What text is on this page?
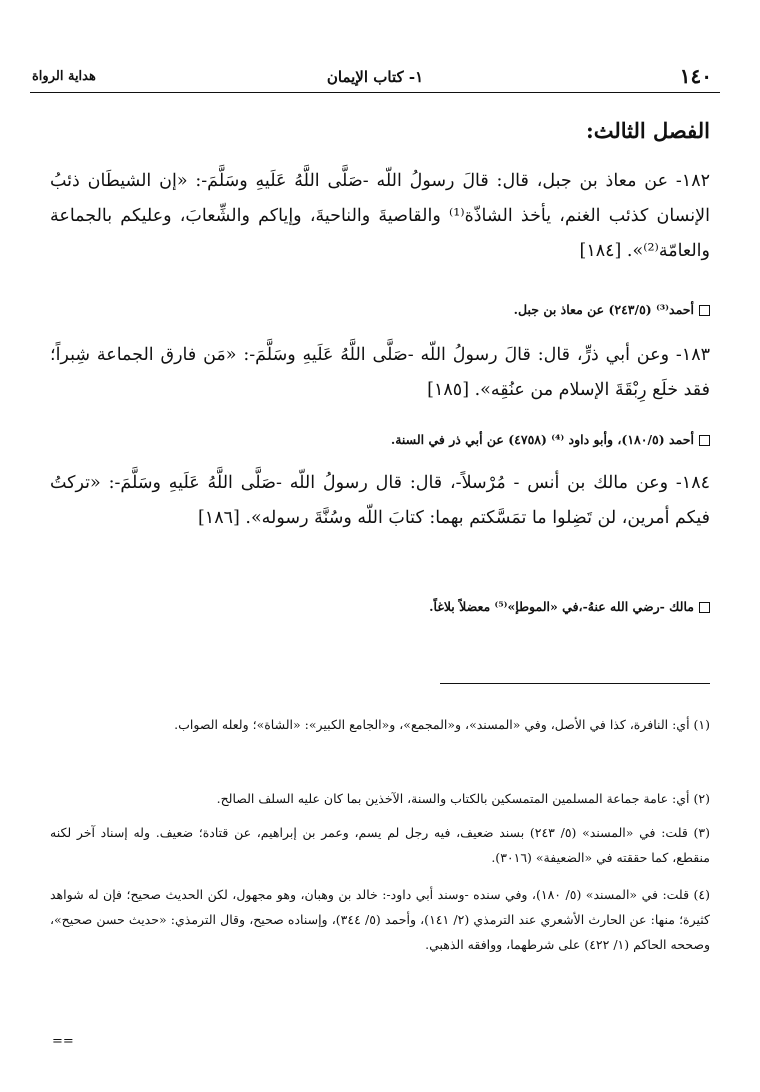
١٤٠
١- كتاب الإيمان
هداية الرواة
الفصل الثالث:
١٨٢- عن معاذ بن جبل، قال: قالَ رسولُ اللّه -صَلَّى اللَّهُ عَلَيهِ وسَلَّمَ-: «إن الشيطَان ذئبُ الإنسان كذئب الغنم، يأخذ الشاذّة⁽¹⁾ والقاصيةَ والناحيةَ، وإياكم والشِّعابَ، وعليكم بالجماعة والعامّة⁽²⁾». [١٨٤]
أحمد⁽³⁾ (٢٤٣/٥) عن معاذ بن جبل.
١٨٣- وعن أبي ذرٍّ، قال: قالَ رسولُ اللّه -صَلَّى اللَّهُ عَلَيهِ وسَلَّمَ-: «مَن فارق الجماعة شِبراً؛ فقد خلَع رِبْقَةَ الإسلام من عنُقِه». [١٨٥]
أحمد (١٨٠/٥)، وأبو داود ⁽⁴⁾ (٤٧٥٨) عن أبي ذر في السنة.
١٨٤- وعن مالك بن أنس - مُرْسلاً-، قال: قال رسولُ اللّه -صَلَّى اللَّهُ عَلَيهِ وسَلَّمَ-: «تركتُ فيكم أمرين، لن تَضِلوا ما تمَسَّكتم بهما: كتابَ اللّه وسُنَّةَ رسوله». [١٨٦]
مالك -رضي الله عنهُ-،في «الموطإ»⁽⁵⁾ معضلاً بلاغاً.
(١) أي: النافرة، كذا في الأصل، وفي «المسند»، و«المجمع»، و«الجامع الكبير»: «الشاة»؛ ولعله الصواب.
(٢) أي: عامة جماعة المسلمين المتمسكين بالكتاب والسنة، الآخذين بما كان عليه السلف الصالح.
(٣) قلت: في «المسند» (٥/ ٢٤٣) بسند ضعيف، فيه رجل لم يسم، وعمر بن إبراهيم، عن قتادة؛ ضعيف. وله إسناد آخر لكنه منقطع، كما حققته في «الضعيفة» (٣٠١٦).
(٤) قلت: في «المسند» (٥/ ١٨٠)، وفي سنده -وسند أبي داود-: خالد بن وهبان، وهو مجهول، لكن الحديث صحيح؛ فإن له شواهد كثيرة؛ منها: عن الحارث الأشعري عند الترمذي (٢/ ١٤١)، وأحمد (٥/ ٣٤٤)، وإسناده صحيح، وقال الترمذي: «حديث حسن صحيح»، وصححه الحاكم (١/ ٤٢٢) على شرطهما، ووافقه الذهبي.
==
